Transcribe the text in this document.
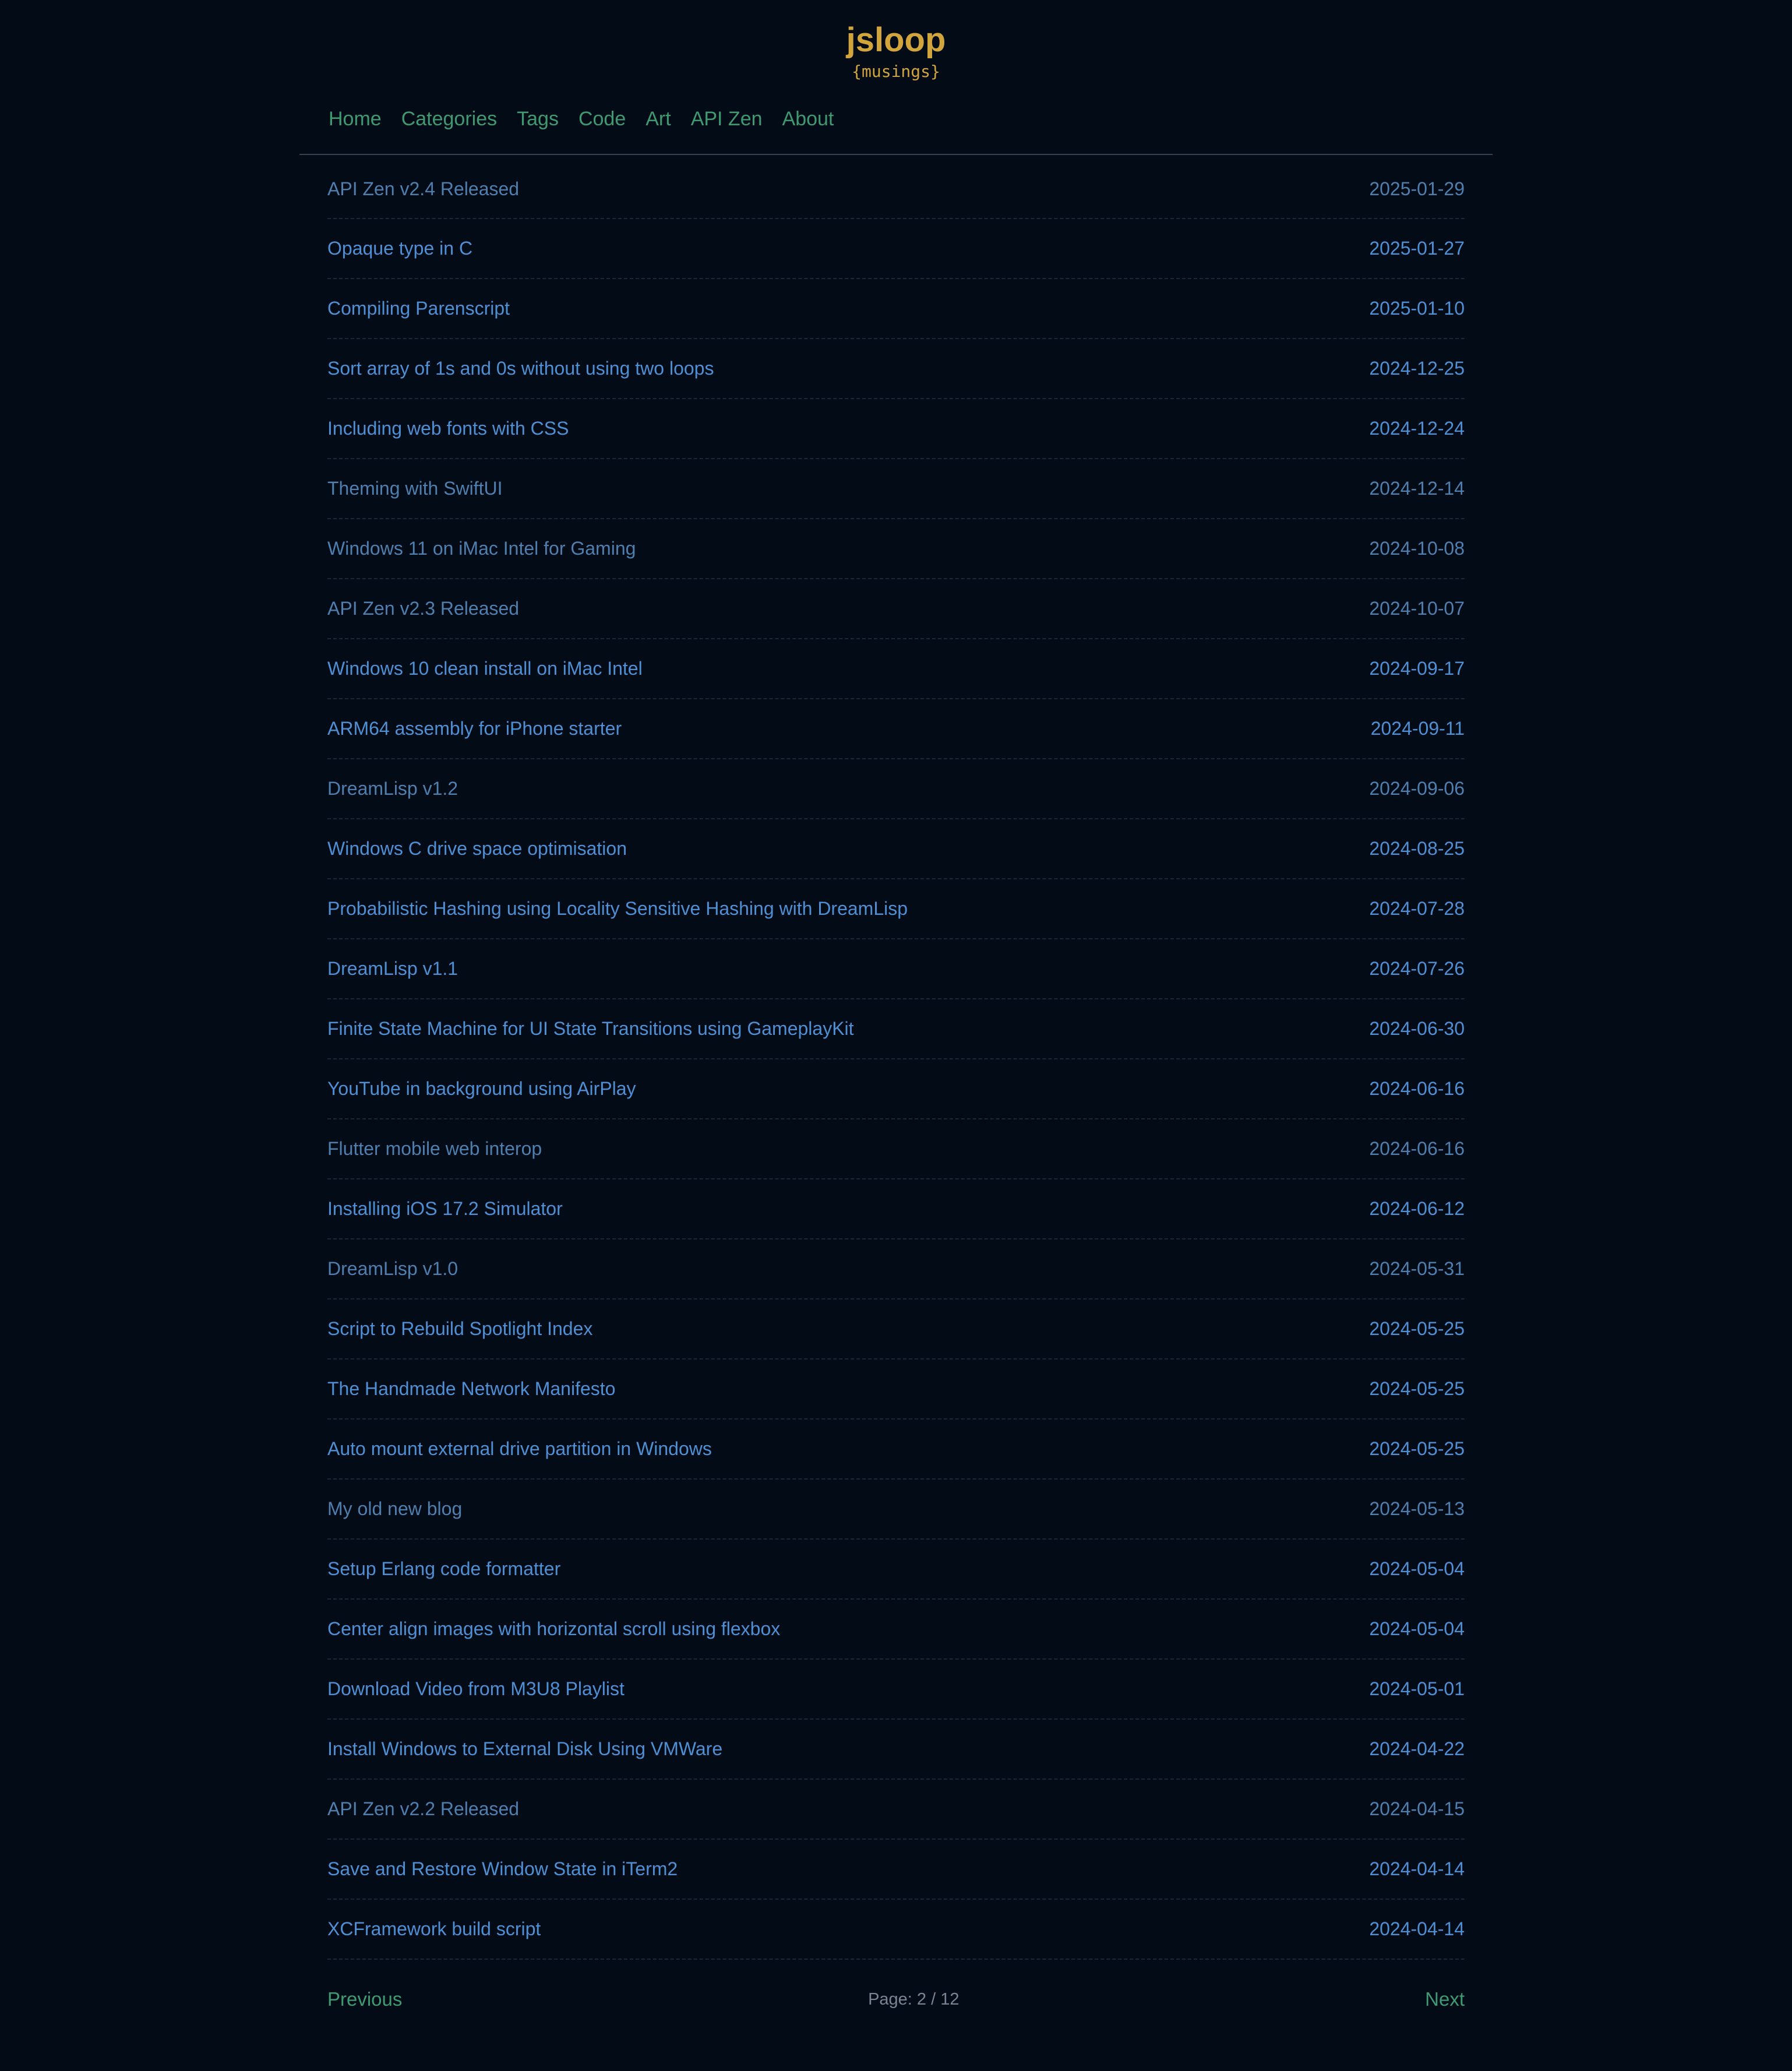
jsloop
{musings}
Home Categories Tags Code Art API Zen About
API Zen v2.4 Released	2025-01-29
Opaque type in C	2025-01-27
Compiling Parenscript	2025-01-10
Sort array of 1s and 0s without using two loops	2024-12-25
Including web fonts with CSS	2024-12-24
Theming with SwiftUI	2024-12-14
Windows 11 on iMac Intel for Gaming	2024-10-08
API Zen v2.3 Released	2024-10-07
Windows 10 clean install on iMac Intel	2024-09-17
ARM64 assembly for iPhone starter	2024-09-11
DreamLisp v1.2	2024-09-06
Windows C drive space optimisation	2024-08-25
Probabilistic Hashing using Locality Sensitive Hashing with DreamLisp	2024-07-28
DreamLisp v1.1	2024-07-26
Finite State Machine for UI State Transitions using GameplayKit	2024-06-30
YouTube in background using AirPlay	2024-06-16
Flutter mobile web interop	2024-06-16
Installing iOS 17.2 Simulator	2024-06-12
DreamLisp v1.0	2024-05-31
Script to Rebuild Spotlight Index	2024-05-25
The Handmade Network Manifesto	2024-05-25
Auto mount external drive partition in Windows	2024-05-25
My old new blog	2024-05-13
Setup Erlang code formatter	2024-05-04
Center align images with horizontal scroll using flexbox	2024-05-04
Download Video from M3U8 Playlist	2024-05-01
Install Windows to External Disk Using VMWare	2024-04-22
API Zen v2.2 Released	2024-04-15
Save and Restore Window State in iTerm2	2024-04-14
XCFramework build script	2024-04-14
Previous	Page: 2 / 12	Next
